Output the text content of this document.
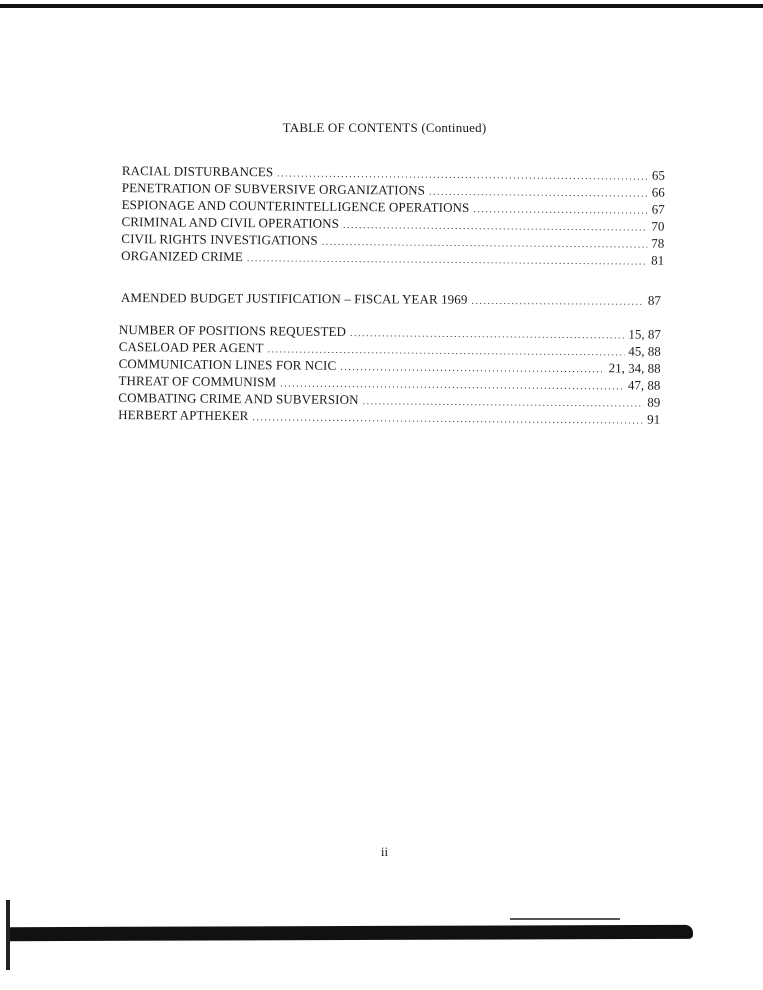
TABLE OF CONTENTS (Continued)
RACIAL DISTURBANCES .....	65
PENETRATION OF SUBVERSIVE ORGANIZATIONS .....	66
ESPIONAGE AND COUNTERINTELLIGENCE OPERATIONS .....	67
CRIMINAL AND CIVIL OPERATIONS .....	70
CIVIL RIGHTS INVESTIGATIONS .....	78
ORGANIZED CRIME .....	81
AMENDED BUDGET JUSTIFICATION – FISCAL YEAR 1969 .....	87
NUMBER OF POSITIONS REQUESTED .....	15, 87
CASELOAD PER AGENT .....	45, 88
COMMUNICATION LINES FOR NCIC .....	21, 34, 88
THREAT OF COMMUNISM .....	47, 88
COMBATING CRIME AND SUBVERSION .....	89
HERBERT APTHEKER .....	91
ii
